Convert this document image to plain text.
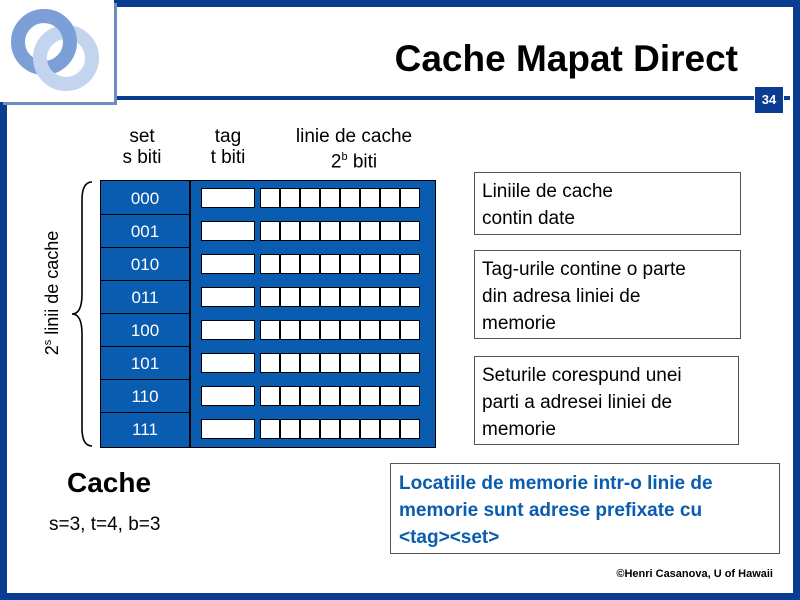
Cache Mapat Direct
34
set
s biti
tag
t biti
linie de cache
2$^b$ biti
2$^s$ linii de cache
000
001
010
011
100
101
110
111
Cache
s=3, t=4, b=3
Liniile de cache
contin date
Tag-urile contine o parte
din adresa liniei de
memorie
Seturile corespund unei
parti a adresei liniei de
memorie
Locatiile de memorie intr-o linie de
memorie sunt adrese prefixate cu
<tag><set>
©Henri Casanova, U of Hawaii
